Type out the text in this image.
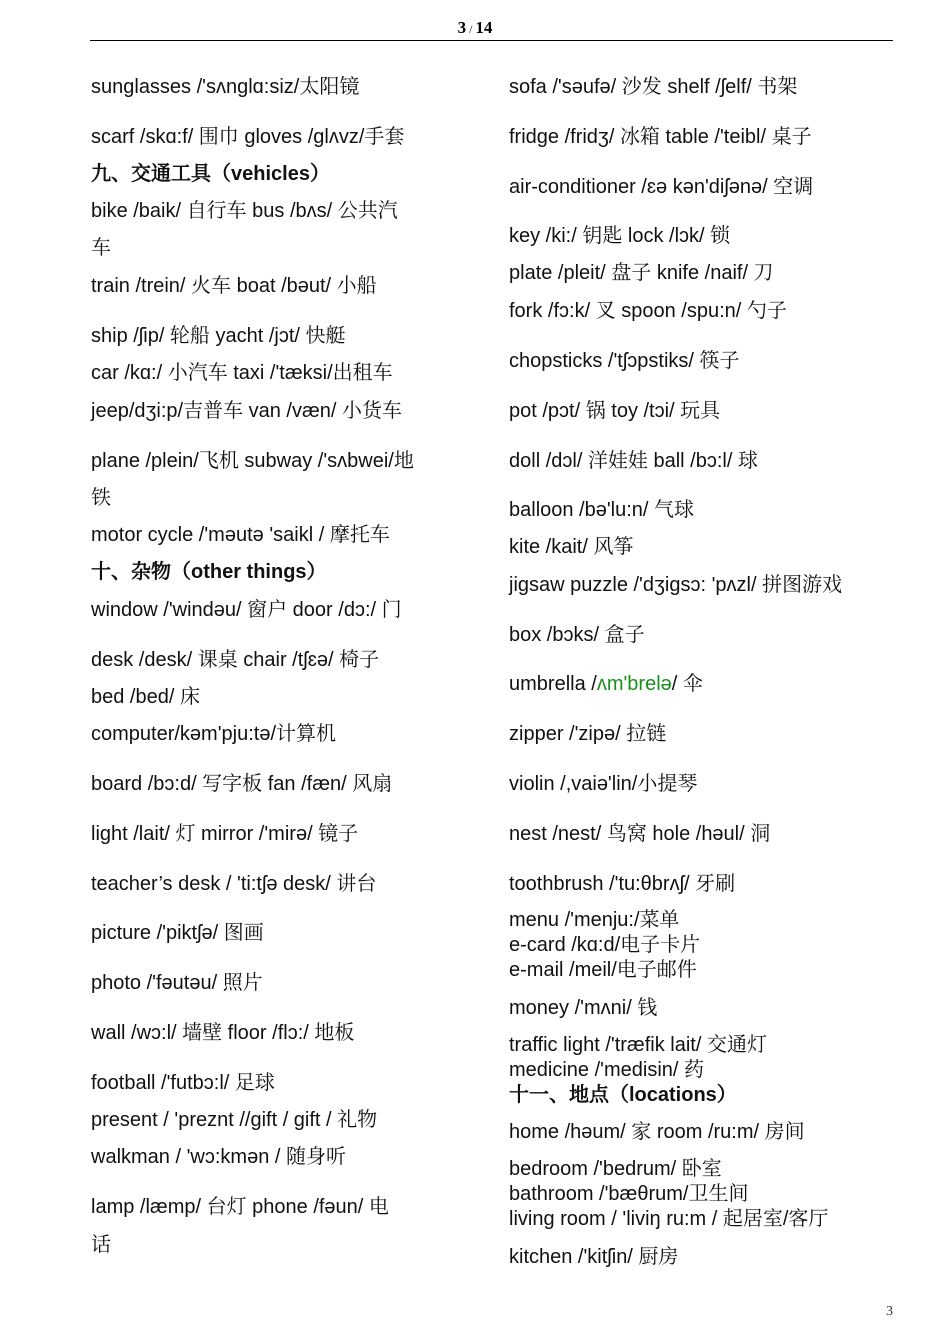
3 / 14
sunglasses /'sʌnglɑ:siz/太阳镜
scarf /skɑ:f/ 围巾 gloves /glʌvz/手套
九、交通工具（vehicles）
bike /baik/ 自行车 bus /bʌs/ 公共汽
车
train /trein/ 火车 boat /bəut/ 小船
ship /ʃip/ 轮船 yacht /jɔt/ 快艇
car /kɑ:/ 小汽车 taxi /'tæksi/出租车
jeep/dʒi:p/吉普车 van /væn/ 小货车
plane /plein/飞机 subway /'sʌbwei/地
铁
motor cycle /'məutə 'saikl / 摩托车
十、杂物（other things）
window /'windəu/ 窗户 door /dɔ:/ 门
desk /desk/ 课桌 chair /tʃɛə/ 椅子
bed /bed/ 床
computer/kəm'pju:tə/计算机
board /bɔ:d/ 写字板 fan /fæn/ 风扇
light /lait/ 灯 mirror /'mirə/ 镜子
teacher’s desk / 'ti:tʃə desk/ 讲台
picture /'piktʃə/ 图画
photo /'fəutəu/ 照片
wall /wɔ:l/ 墙壁 floor /flɔ:/ 地板
football /'futbɔ:l/ 足球
present / 'preznt //gift / gift / 礼物
walkman / 'wɔ:kmən / 随身听
lamp /læmp/ 台灯 phone /fəun/ 电
话
sofa /'səufə/ 沙发 shelf /ʃelf/ 书架
fridge /fridʒ/ 冰箱 table /'teibl/ 桌子
air-conditioner /ɛə kən'diʃənə/ 空调
key /ki:/ 钥匙 lock /lɔk/ 锁
plate /pleit/ 盘子 knife /naif/ 刀
fork /fɔ:k/ 叉 spoon /spu:n/ 勺子
chopsticks /'tʃɔpstiks/ 筷子
pot /pɔt/ 锅 toy /tɔi/ 玩具
doll /dɔl/ 洋娃娃 ball /bɔ:l/ 球
balloon /bə'lu:n/ 气球
kite /kait/ 风筝
jigsaw puzzle /'dʒigsɔ: 'pʌzl/ 拼图游戏
box /bɔks/ 盒子
umbrella /ʌm'brelə/ 伞
zipper /'zipə/ 拉链
violin /,vaiə'lin/小提琴
nest /nest/ 鸟窝 hole /həul/ 洞
toothbrush /'tu:θbrʌʃ/ 牙刷
menu /'menju:/菜单
e-card /kɑ:d/电子卡片
e-mail /meil/电子邮件
money /'mʌni/ 钱
traffic light /'træfik lait/ 交通灯
medicine /'medisin/ 药
十一、地点（locations）
home /həum/ 家 room /ru:m/ 房间
bedroom /'bedrum/ 卧室
bathroom /'bæθrum/卫生间
living room / 'liviŋ ru:m / 起居室/客厅
kitchen /'kitʃin/ 厨房
3
